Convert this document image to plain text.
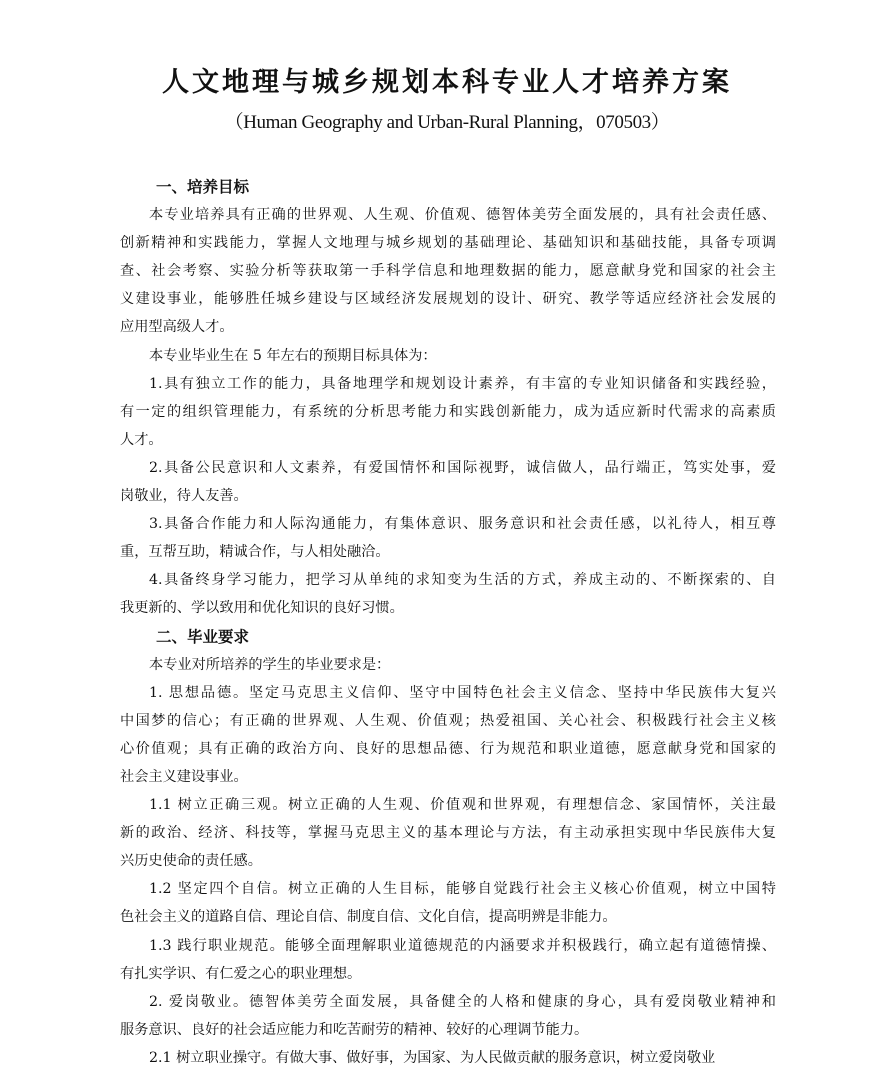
人文地理与城乡规划本科专业人才培养方案

（Human Geography and Urban-Rural Planning，070503）

一、培养目标
本专业培养具有正确的世界观、人生观、价值观、德智体美劳全面发展的，具有社会责任感、
创新精神和实践能力，掌握人文地理与城乡规划的基础理论、基础知识和基础技能，具备专项调
查、社会考察、实验分析等获取第一手科学信息和地理数据的能力，愿意献身党和国家的社会主
义建设事业，能够胜任城乡建设与区域经济发展规划的设计、研究、教学等适应经济社会发展的
应用型高级人才。
本专业毕业生在 5 年左右的预期目标具体为：
1.具有独立工作的能力，具备地理学和规划设计素养，有丰富的专业知识储备和实践经验，
有一定的组织管理能力，有系统的分析思考能力和实践创新能力，成为适应新时代需求的高素质
人才。
2.具备公民意识和人文素养，有爱国情怀和国际视野，诚信做人，品行端正，笃实处事，爱
岗敬业，待人友善。
3.具备合作能力和人际沟通能力，有集体意识、服务意识和社会责任感，以礼待人，相互尊
重，互帮互助，精诚合作，与人相处融洽。
4.具备终身学习能力，把学习从单纯的求知变为生活的方式，养成主动的、不断探索的、自
我更新的、学以致用和优化知识的良好习惯。
二、毕业要求
本专业对所培养的学生的毕业要求是：
1. 思想品德。坚定马克思主义信仰、坚守中国特色社会主义信念、坚持中华民族伟大复兴
中国梦的信心；有正确的世界观、人生观、价值观；热爱祖国、关心社会、积极践行社会主义核
心价值观；具有正确的政治方向、良好的思想品德、行为规范和职业道德，愿意献身党和国家的
社会主义建设事业。
1.1 树立正确三观。树立正确的人生观、价值观和世界观，有理想信念、家国情怀，关注最
新的政治、经济、科技等，掌握马克思主义的基本理论与方法，有主动承担实现中华民族伟大复
兴历史使命的责任感。
1.2 坚定四个自信。树立正确的人生目标，能够自觉践行社会主义核心价值观，树立中国特
色社会主义的道路自信、理论自信、制度自信、文化自信，提高明辨是非能力。
1.3 践行职业规范。能够全面理解职业道德规范的内涵要求并积极践行，确立起有道德情操、
有扎实学识、有仁爱之心的职业理想。
2. 爱岗敬业。德智体美劳全面发展，具备健全的人格和健康的身心，具有爱岗敬业精神和
服务意识、良好的社会适应能力和吃苦耐劳的精神、较好的心理调节能力。
2.1 树立职业操守。有做大事、做好事，为国家、为人民做贡献的服务意识，树立爱岗敬业
